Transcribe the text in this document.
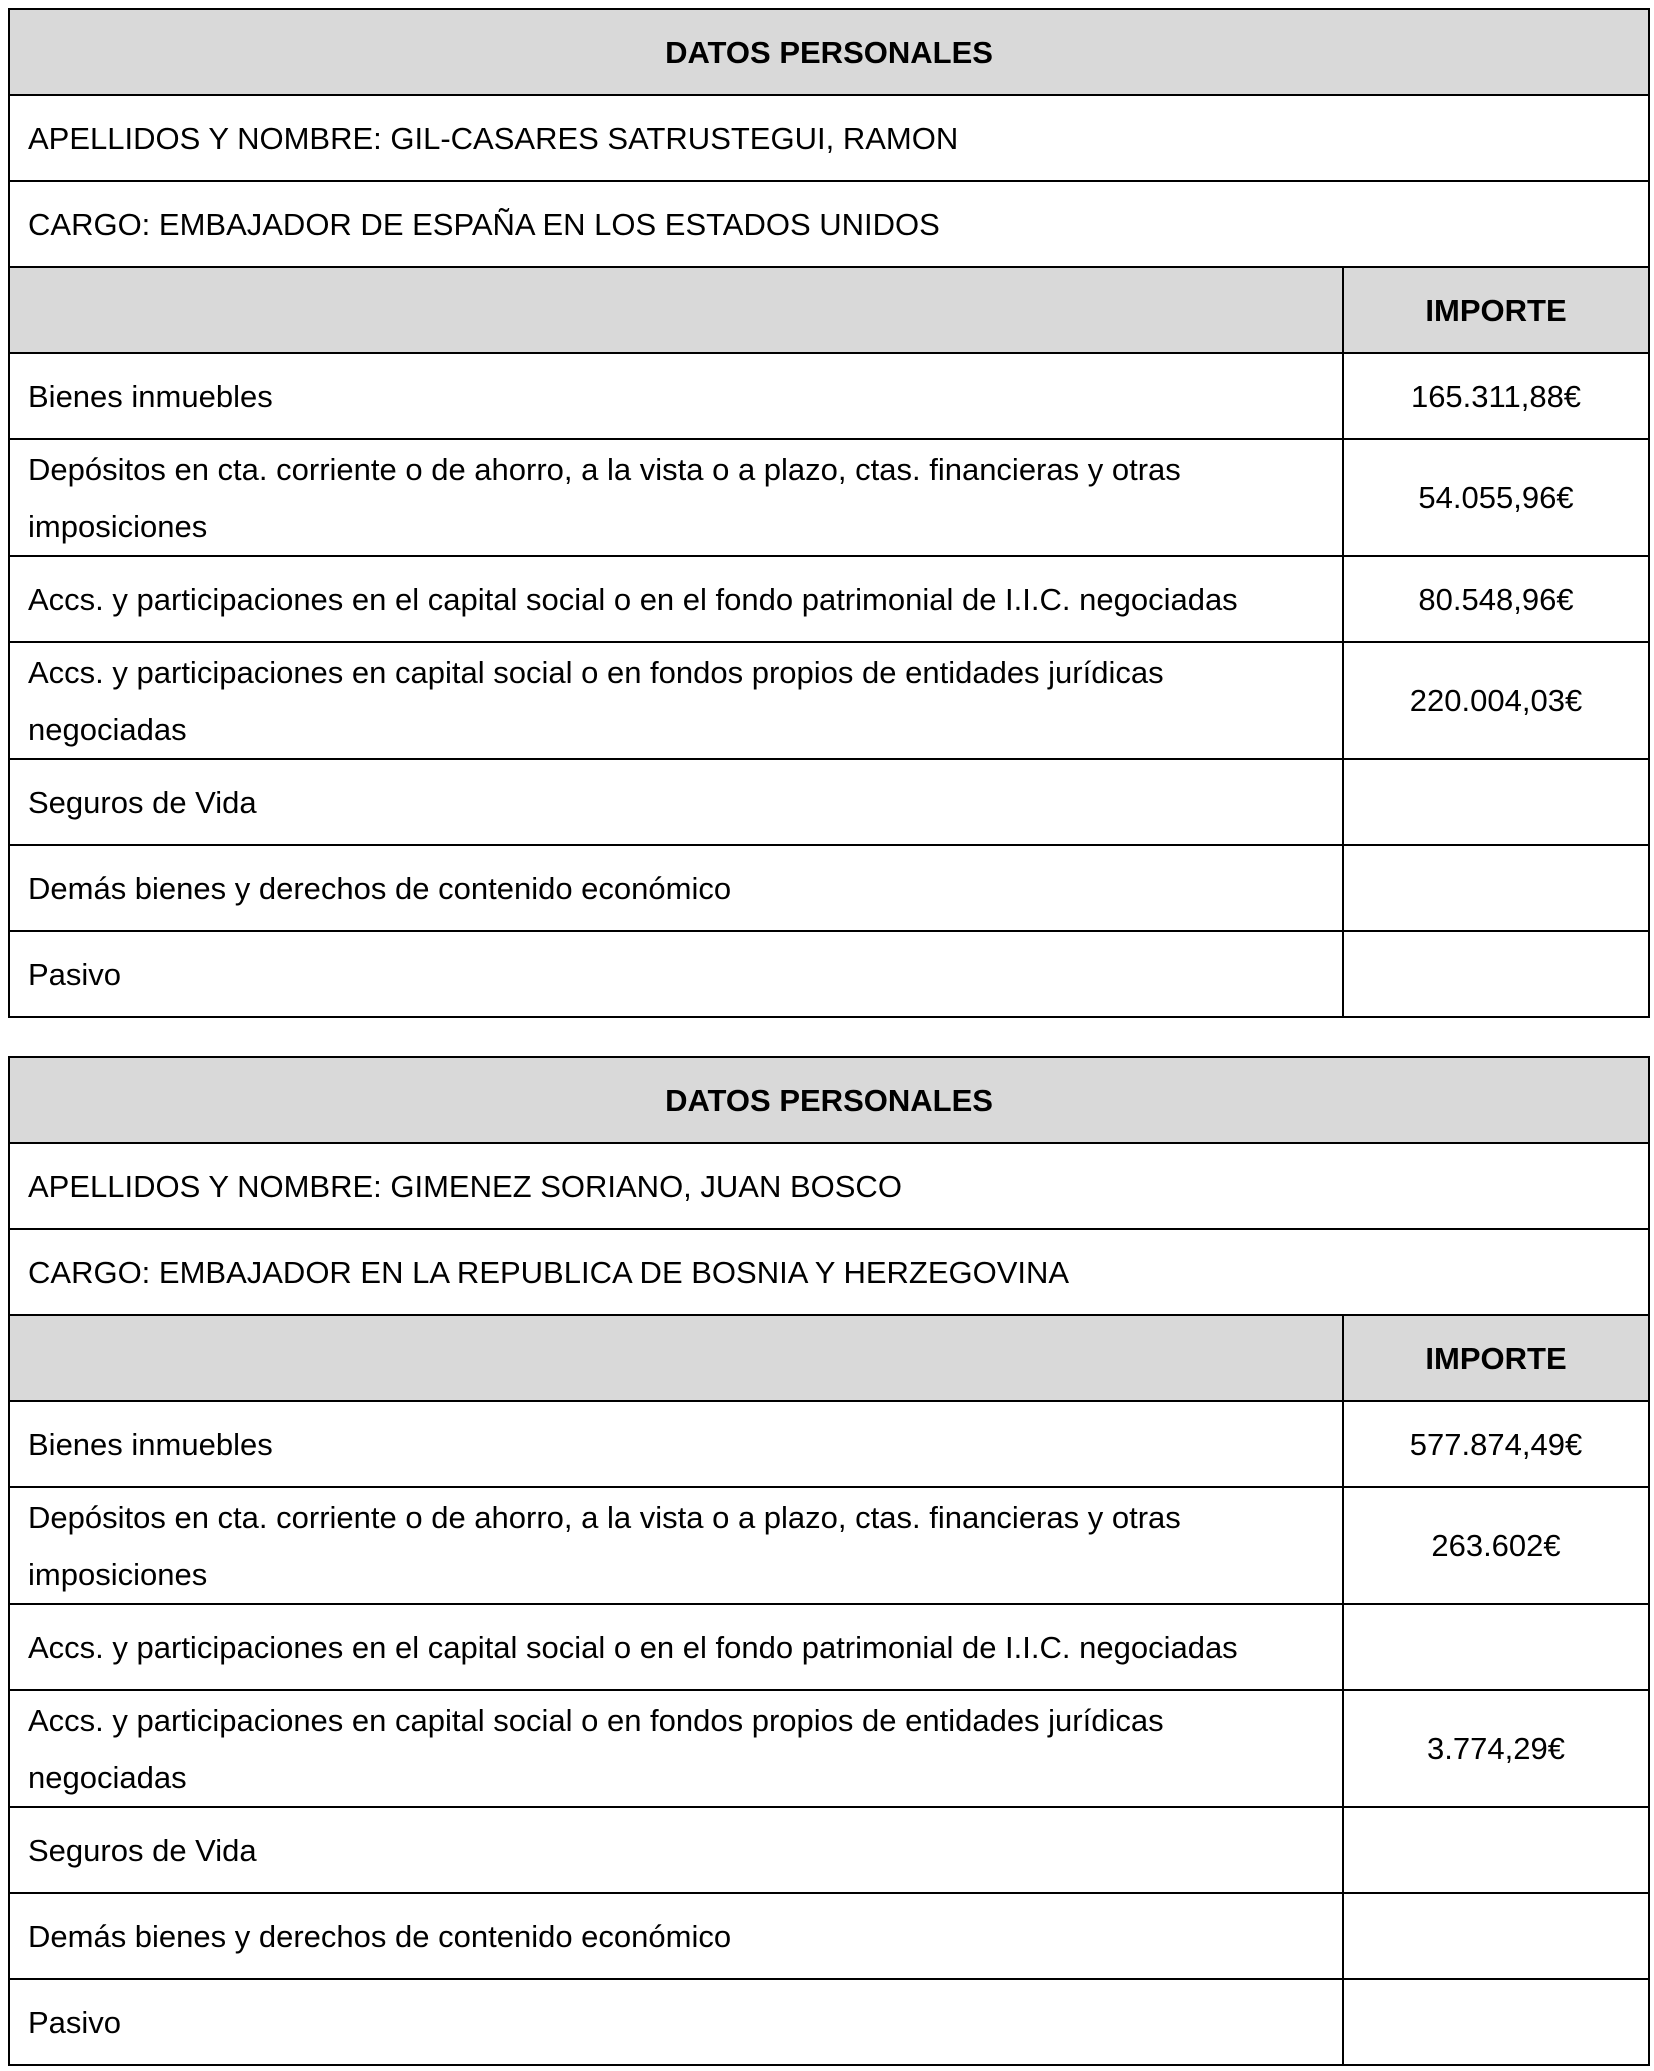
DATOS PERSONALES	
APELLIDOS Y NOMBRE: GIL-CASARES SATRUSTEGUI, RAMON	
CARGO: EMBAJADOR DE ESPAÑA EN LOS ESTADOS UNIDOS	
	IMPORTE
Bienes inmuebles	165.311,88€
Depósitos en cta. corriente o de ahorro, a la vista o a plazo, ctas. financieras y otras imposiciones	54.055,96€
Accs. y participaciones en el capital social o en el fondo patrimonial de I.I.C. negociadas	80.548,96€
Accs. y participaciones en capital social o en fondos propios de entidades jurídicas negociadas	220.004,03€
Seguros de Vida	
Demás bienes y derechos de contenido económico	
Pasivo	
DATOS PERSONALES	
APELLIDOS Y NOMBRE: GIMENEZ SORIANO, JUAN BOSCO	
CARGO: EMBAJADOR EN LA REPUBLICA DE BOSNIA Y HERZEGOVINA	
	IMPORTE
Bienes inmuebles	577.874,49€
Depósitos en cta. corriente o de ahorro, a la vista o a plazo, ctas. financieras y otras imposiciones	263.602€
Accs. y participaciones en el capital social o en el fondo patrimonial de I.I.C. negociadas	
Accs. y participaciones en capital social o en fondos propios de entidades jurídicas negociadas	3.774,29€
Seguros de Vida	
Demás bienes y derechos de contenido económico	
Pasivo	
